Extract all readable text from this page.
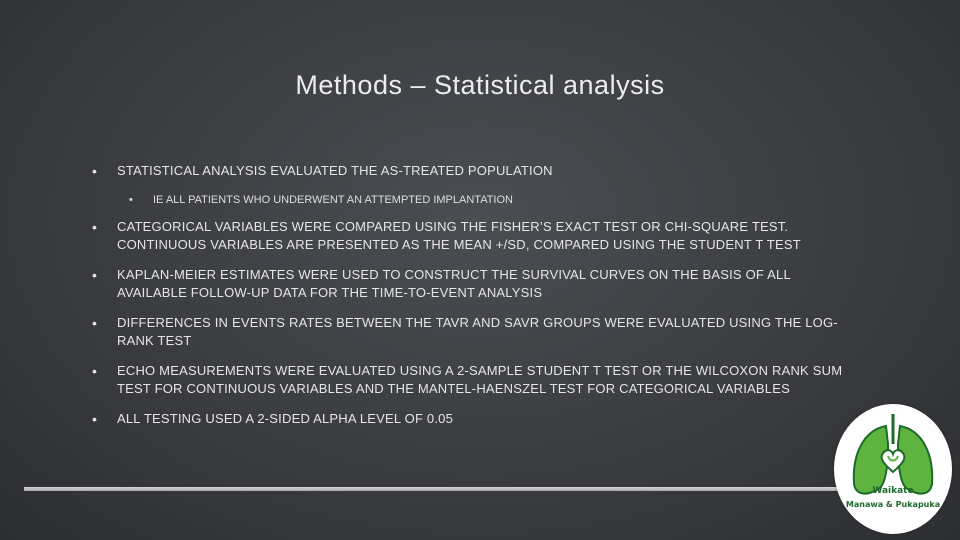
Methods – Statistical analysis
• STATISTICAL ANALYSIS EVALUATED THE AS-TREATED POPULATION
• IE ALL PATIENTS WHO UNDERWENT AN ATTEMPTED IMPLANTATION
• CATEGORICAL VARIABLES WERE COMPARED USING THE FISHER’S EXACT TEST OR CHI-SQUARE TEST. CONTINUOUS VARIABLES ARE PRESENTED AS THE MEAN +/SD, COMPARED USING THE STUDENT T TEST
• KAPLAN-MEIER ESTIMATES WERE USED TO CONSTRUCT THE SURVIVAL CURVES ON THE BASIS OF ALL AVAILABLE FOLLOW-UP DATA FOR THE TIME-TO-EVENT ANALYSIS
• DIFFERENCES IN EVENTS RATES BETWEEN THE TAVR AND SAVR GROUPS WERE EVALUATED USING THE LOG-RANK TEST
• ECHO MEASUREMENTS WERE EVALUATED USING A 2-SAMPLE STUDENT T TEST OR THE WILCOXON RANK SUM TEST FOR CONTINUOUS VARIABLES AND THE MANTEL-HAENSZEL TEST FOR CATEGORICAL VARIABLES
• ALL TESTING USED A 2-SIDED ALPHA LEVEL OF 0.05
Waikato
Manawa & Pukapuka
